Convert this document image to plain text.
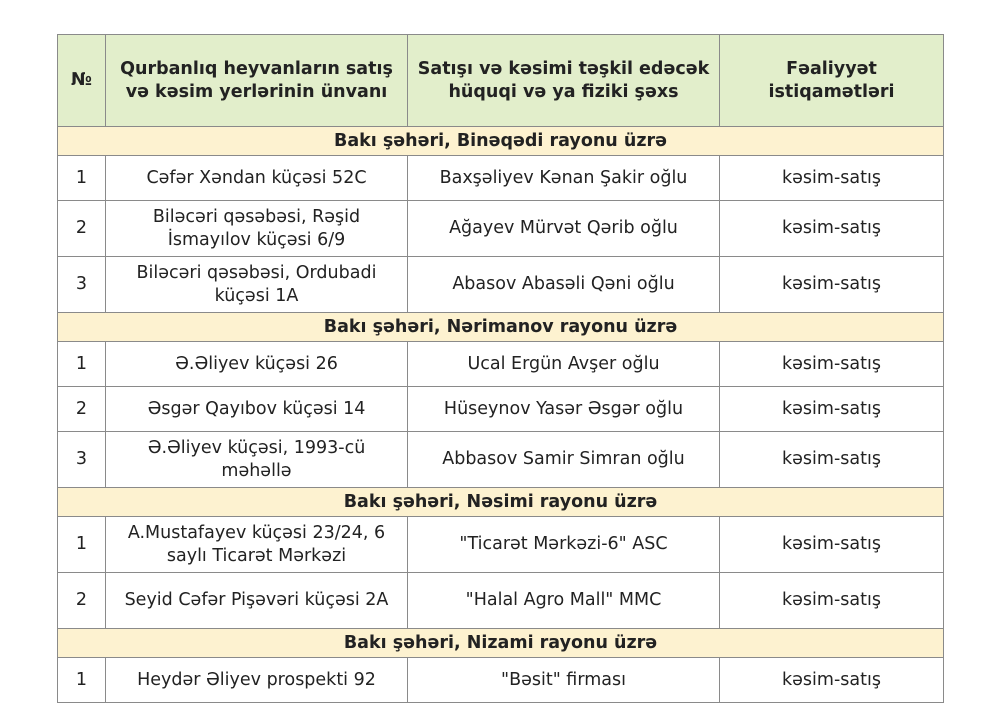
№	Qurbanlıq heyvanların satış və kəsim yerlərinin ünvanı	Satışı və kəsimi təşkil edəcək hüquqi və ya fiziki şəxs	Fəaliyyət istiqamətləri
Bakı şəhəri, Binəqədi rayonu üzrə			
1	Cəfər Xəndan küçəsi 52C	Baxşəliyev Kənan Şakir oğlu	kəsim-satış
2	Biləcəri qəsəbəsi, Rəşid İsmayılov küçəsi 6/9	Ağayev Mürvət Qərib oğlu	kəsim-satış
3	Biləcəri qəsəbəsi, Ordubadi küçəsi 1A	Abasov Abasəli Qəni oğlu	kəsim-satış
Bakı şəhəri, Nərimanov rayonu üzrə			
1	Ə.Əliyev küçəsi 26	Ucal Ergün Avşer oğlu	kəsim-satış
2	Əsgər Qayıbov küçəsi 14	Hüseynov Yasər Əsgər oğlu	kəsim-satış
3	Ə.Əliyev küçəsi, 1993-cü məhəllə	Abbasov Samir Simran oğlu	kəsim-satış
Bakı şəhəri, Nəsimi rayonu üzrə			
1	A.Mustafayev küçəsi 23/24, 6 saylı Ticarət Mərkəzi	"Ticarət Mərkəzi-6" ASC	kəsim-satış
2	Seyid Cəfər Pişəvəri küçəsi 2A	"Halal Agro Mall" MMC	kəsim-satış
Bakı şəhəri, Nizami rayonu üzrə			
1	Heydər Əliyev prospekti 92	"Bəsit" firması	kəsim-satış
